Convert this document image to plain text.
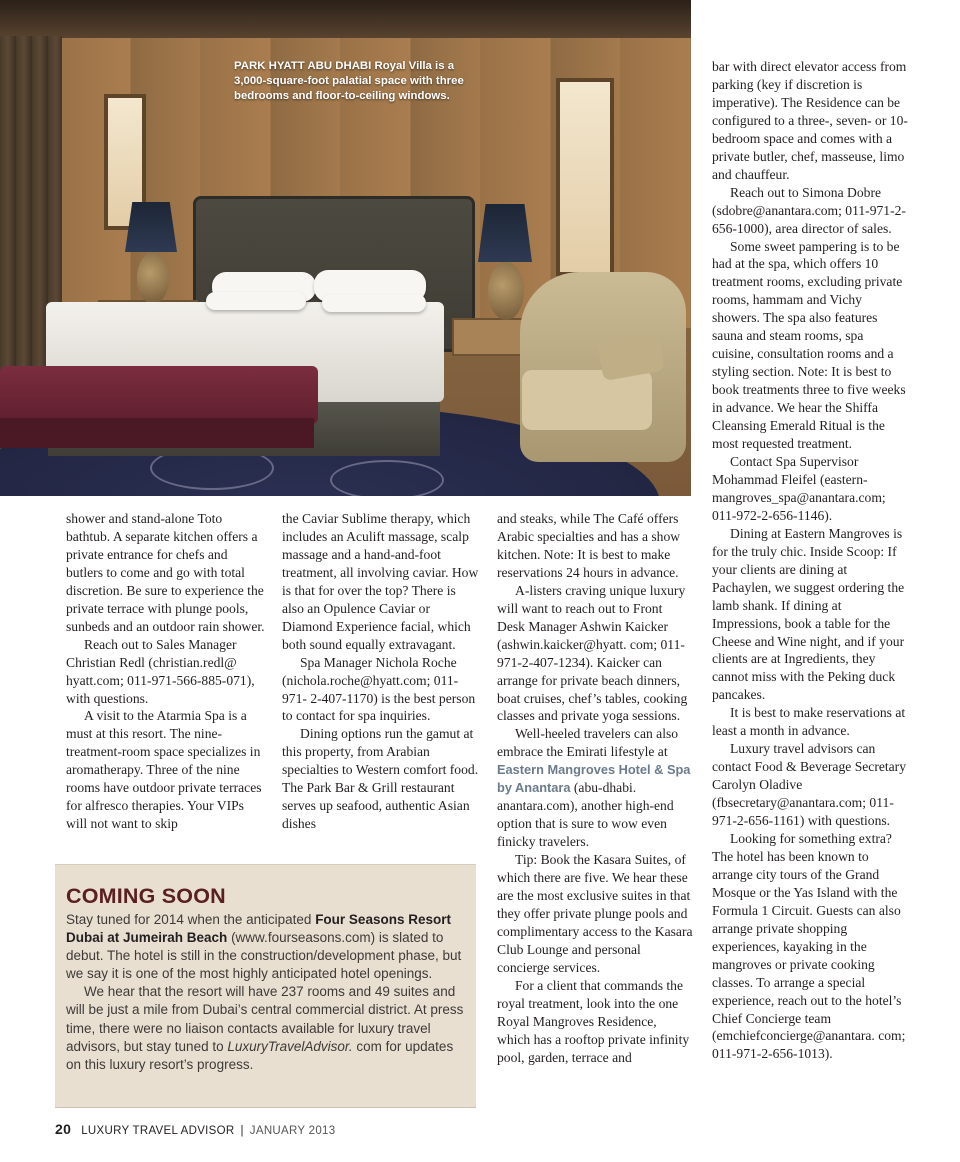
PARK HYATT ABU DHABI Royal Villa is a 3,000-square-foot palatial space with three bedrooms and floor-to-ceiling windows.

shower and stand-alone Toto bathtub. A separate kitchen offers a private entrance for chefs and butlers to come and go with total discretion. Be sure to experience the private terrace with plunge pools, sunbeds and an outdoor rain shower.

Reach out to Sales Manager Christian Redl (christian.redl@ hyatt.com; 011-971-566-885-071), with questions.

A visit to the Atarmia Spa is a must at this resort. The nine-treatment-room space specializes in aromatherapy. Three of the nine rooms have outdoor private terraces for alfresco therapies. Your VIPs will not want to skip

the Caviar Sublime therapy, which includes an Aculift massage, scalp massage and a hand-and-foot treatment, all involving caviar. How is that for over the top? There is also an Opulence Caviar or Diamond Experience facial, which both sound equally extravagant.

Spa Manager Nichola Roche (nichola.roche@hyatt.com; 011-971- 2-407-1170) is the best person to contact for spa inquiries.

Dining options run the gamut at this property, from Arabian specialties to Western comfort food. The Park Bar & Grill restaurant serves up seafood, authentic Asian dishes

and steaks, while The Café offers Arabic specialties and has a show kitchen. Note: It is best to make reservations 24 hours in advance.

A-listers craving unique luxury will want to reach out to Front Desk Manager Ashwin Kaicker (ashwin.kaicker@hyatt. com; 011-971-2-407-1234). Kaicker can arrange for private beach dinners, boat cruises, chef’s tables, cooking classes and private yoga sessions.

Well-heeled travelers can also embrace the Emirati lifestyle at Eastern Mangroves Hotel & Spa by Anantara (abu-dhabi. anantara.com), another high-end option that is sure to wow even finicky travelers.

Tip: Book the Kasara Suites, of which there are five. We hear these are the most exclusive suites in that they offer private plunge pools and complimentary access to the Kasara Club Lounge and personal concierge services.

For a client that commands the royal treatment, look into the one Royal Mangroves Residence, which has a rooftop private infinity pool, garden, terrace and

bar with direct elevator access from parking (key if discretion is imperative). The Residence can be configured to a three-, seven- or 10-bedroom space and comes with a private butler, chef, masseuse, limo and chauffeur.

Reach out to Simona Dobre (sdobre@anantara.com; 011-971-2-656-1000), area director of sales.

Some sweet pampering is to be had at the spa, which offers 10 treatment rooms, excluding private rooms, hammam and Vichy showers. The spa also features sauna and steam rooms, spa cuisine, consultation rooms and a styling section. Note: It is best to book treatments three to five weeks in advance. We hear the Shiffa Cleansing Emerald Ritual is the most requested treatment.

Contact Spa Supervisor Mohammad Fleifel (eastern-mangroves_spa@anantara.com; 011-972-2-656-1146).

Dining at Eastern Mangroves is for the truly chic. Inside Scoop: If your clients are dining at Pachaylen, we suggest ordering the lamb shank. If dining at Impressions, book a table for the Cheese and Wine night, and if your clients are at Ingredients, they cannot miss with the Peking duck pancakes.

It is best to make reservations at least a month in advance.

Luxury travel advisors can contact Food & Beverage Secretary Carolyn Oladive (fbsecretary@anantara.com; 011-971-2-656-1161) with questions.

Looking for something extra? The hotel has been known to arrange city tours of the Grand Mosque or the Yas Island with the Formula 1 Circuit. Guests can also arrange private shopping experiences, kayaking in the mangroves or private cooking classes. To arrange a special experience, reach out to the hotel’s Chief Concierge team (emchiefconcierge@anantara. com; 011-971-2-656-1013).

COMING SOON

Stay tuned for 2014 when the anticipated Four Seasons Resort Dubai at Jumeirah Beach (www.fourseasons.com) is slated to debut. The hotel is still in the construction/development phase, but we say it is one of the most highly anticipated hotel openings.

We hear that the resort will have 237 rooms and 49 suites and will be just a mile from Dubai’s central commercial district. At press time, there were no liaison contacts available for luxury travel advisors, but stay tuned to LuxuryTravelAdvisor. com for updates on this luxury resort’s progress.

20 LUXURY TRAVEL ADVISOR | JANUARY 2013
